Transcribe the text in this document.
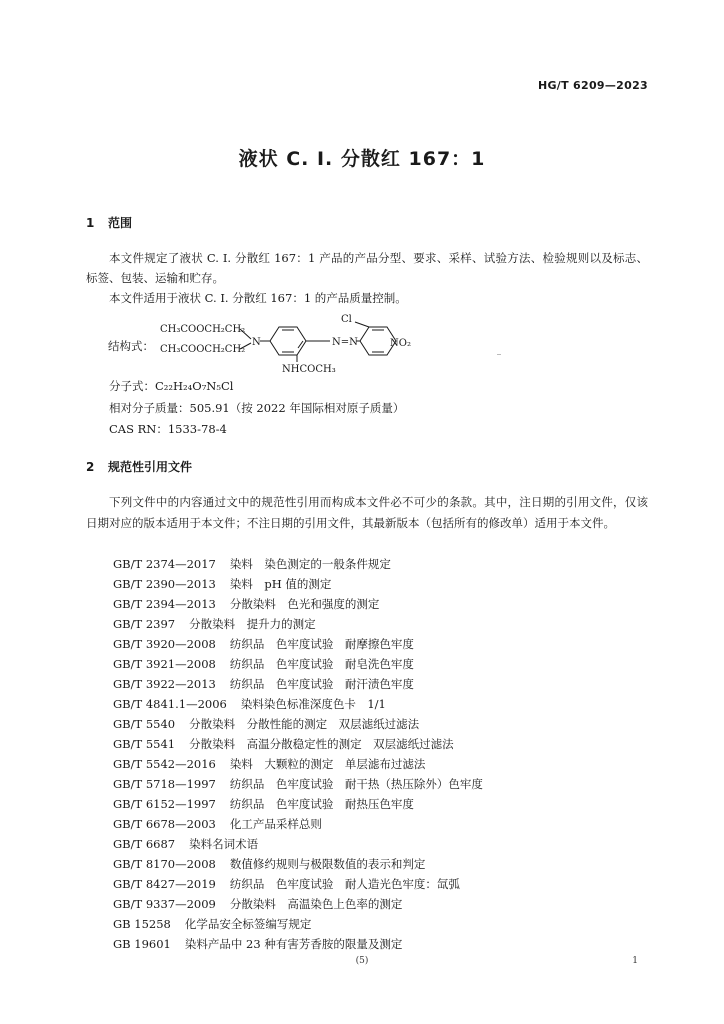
HG/T 6209—2023
液状 C. I. 分散红 167：1
1 范围

本文件规定了液状 C. I. 分散红 167：1 产品的产品分型、要求、采样、试验方法、检验规则以及标志、标签、包装、运输和贮存。

本文件适用于液状 C. I. 分散红 167：1 的产品质量控制。

结构式：
CH₃COOCH₂CH₂
CH₃COOCH₂CH₂
N	N=N
Cl
NO₂
NHCOCH₃
分子式：C₂₂H₂₄O₇N₅Cl
相对分子质量：505.91（按 2022 年国际相对原子质量）
CAS RN：1533-78-4
2 规范性引用文件

下列文件中的内容通过文中的规范性引用而构成本文件必不可少的条款。其中，注日期的引用文件，仅该日期对应的版本适用于本文件；不注日期的引用文件，其最新版本（包括所有的修改单）适用于本文件。

GB/T 2374—2017 染料　染色测定的一般条件规定
GB/T 2390—2013 染料　pH 值的测定
GB/T 2394—2013 分散染料　色光和强度的测定
GB/T 2397 分散染料　提升力的测定
GB/T 3920—2008 纺织品　色牢度试验　耐摩擦色牢度
GB/T 3921—2008 纺织品　色牢度试验　耐皂洗色牢度
GB/T 3922—2013 纺织品　色牢度试验　耐汗渍色牢度
GB/T 4841.1—2006 染料染色标准深度色卡　1/1
GB/T 5540 分散染料　分散性能的测定　双层滤纸过滤法
GB/T 5541 分散染料　高温分散稳定性的测定　双层滤纸过滤法
GB/T 5542—2016 染料　大颗粒的测定　单层滤布过滤法
GB/T 5718—1997 纺织品　色牢度试验　耐干热（热压除外）色牢度
GB/T 6152—1997 纺织品　色牢度试验　耐热压色牢度
GB/T 6678—2003 化工产品采样总则
GB/T 6687 染料名词术语
GB/T 8170—2008 数值修约规则与极限数值的表示和判定
GB/T 8427—2019 纺织品　色牢度试验　耐人造光色牢度：氙弧
GB/T 9337—2009 分散染料　高温染色上色率的测定
GB 15258 化学品安全标签编写规定
GB 19601 染料产品中 23 种有害芳香胺的限量及测定
(5)	1
